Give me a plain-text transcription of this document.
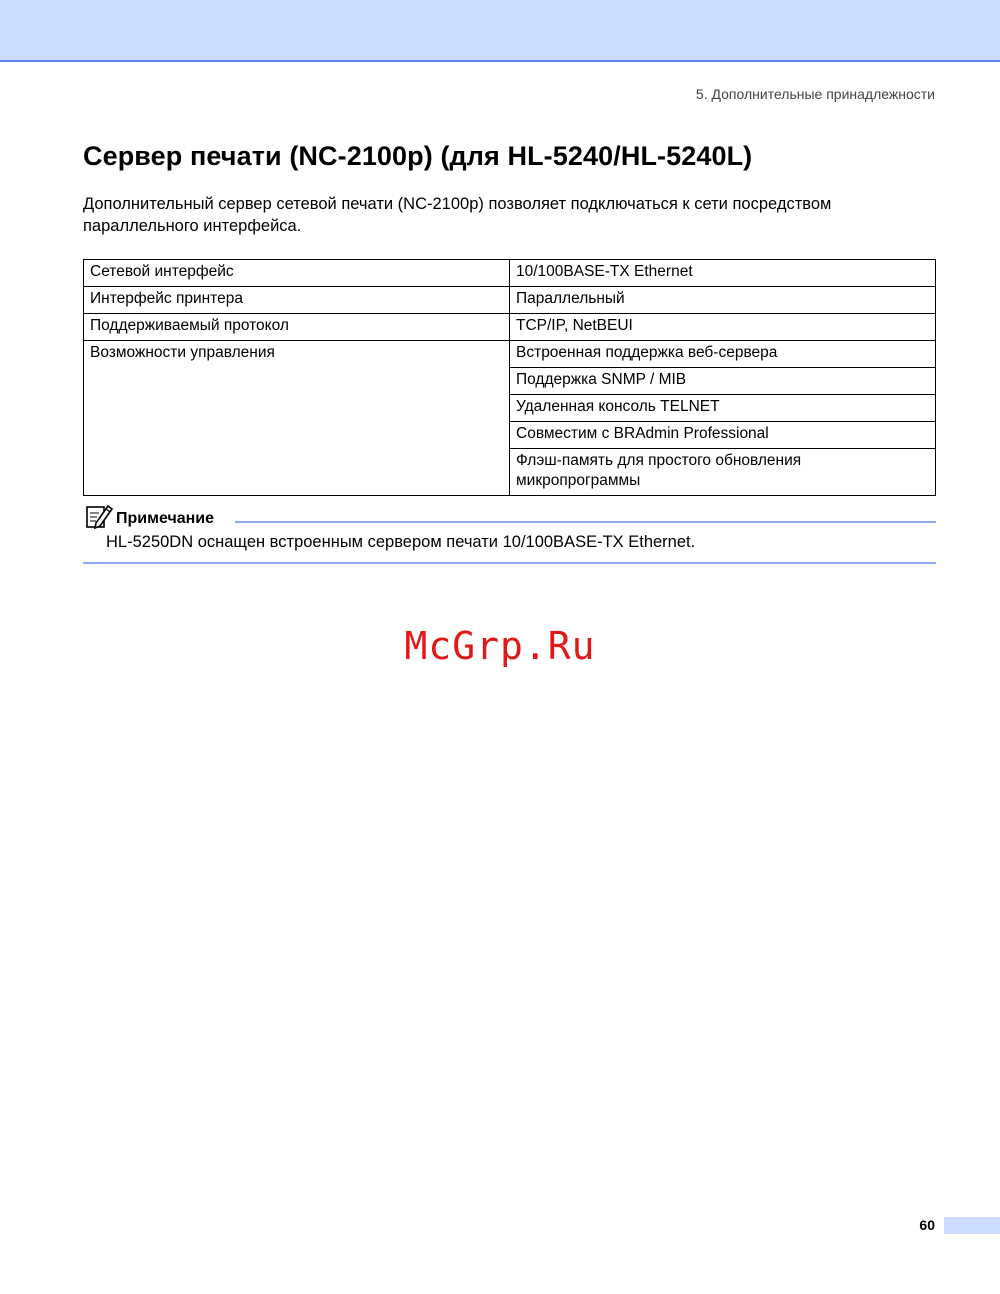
5. Дополнительные принадлежности
Сервер печати (NC-2100p) (для HL-5240/HL-5240L)

Дополнительный сервер сетевой печати (NC-2100p) позволяет подключаться к сети посредством параллельного интерфейса.

Сетевой интерфейс	10/100BASE-TX Ethernet
Интерфейс принтера	Параллельный
Поддерживаемый протокол	TCP/IP, NetBEUI
Возможности управления	Встроенная поддержка веб-сервера
	Поддержка SNMP / MIB
	Удаленная консоль TELNET
	Совместим с BRAdmin Professional
	Флэш-память для простого обновления микропрограммы
Примечание

HL-5250DN оснащен встроенным сервером печати 10/100BASE-TX Ethernet.

McGrp.Ru
60
